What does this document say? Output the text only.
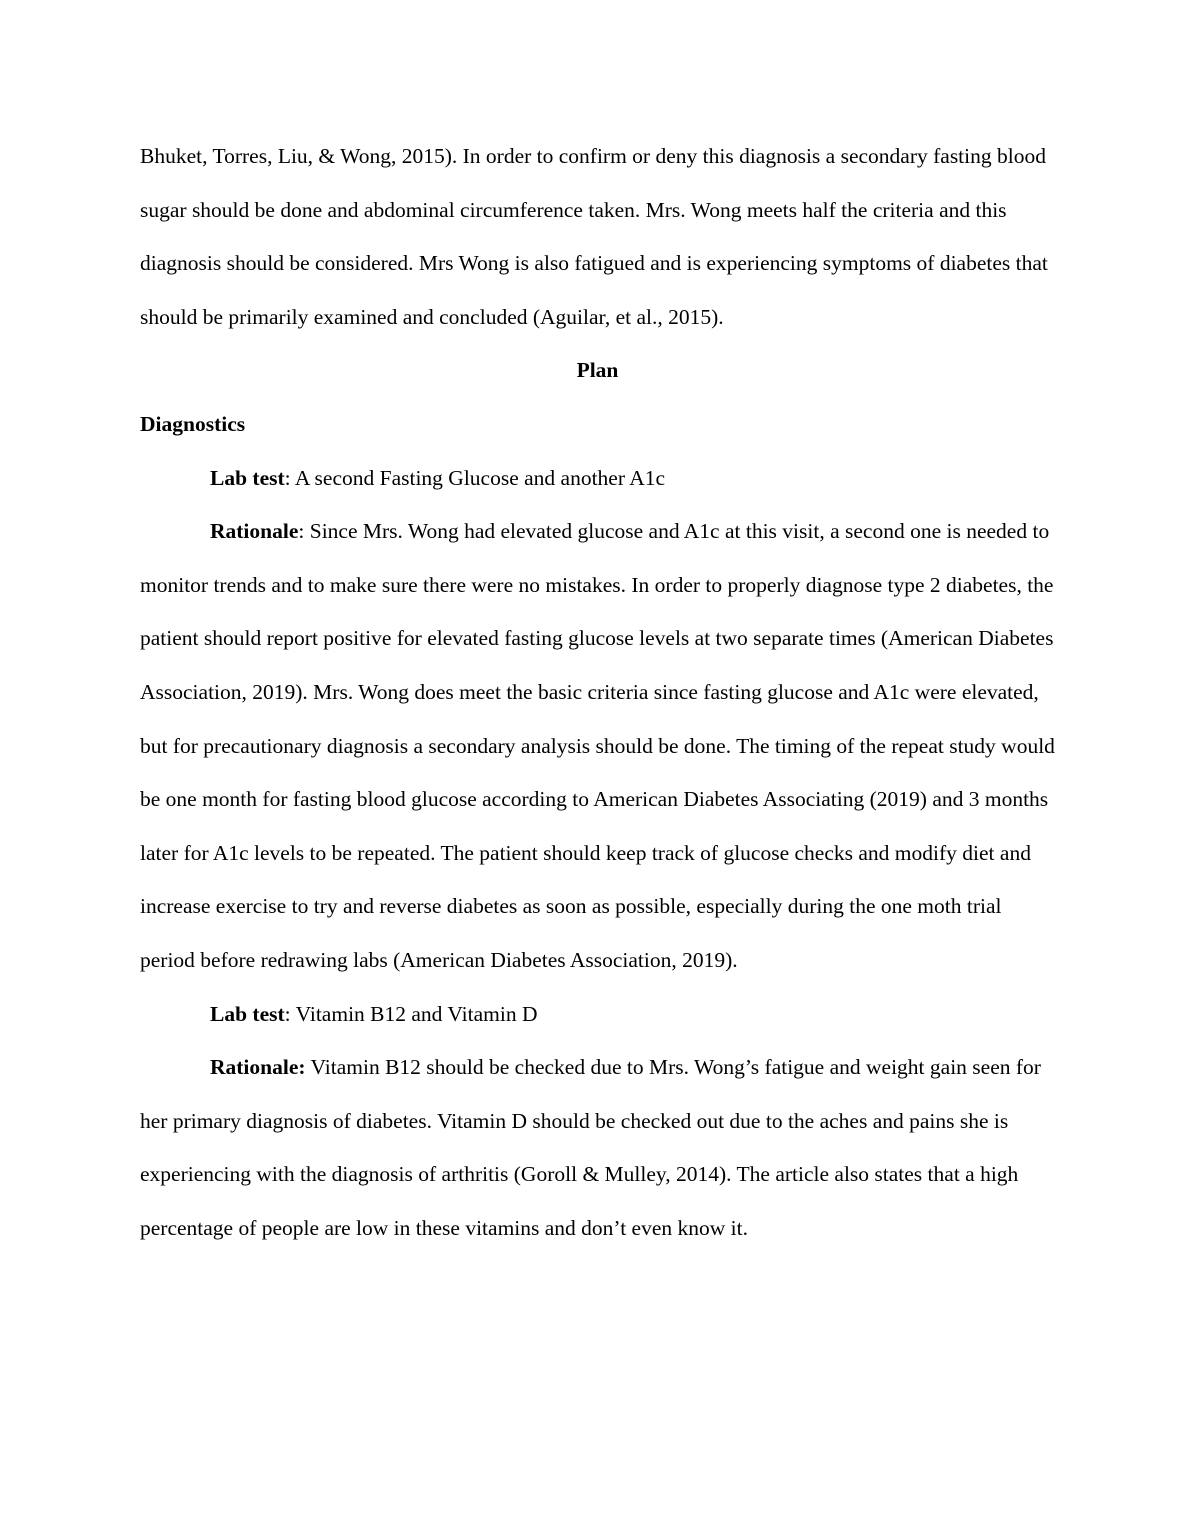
Bhuket, Torres, Liu, & Wong, 2015). In order to confirm or deny this diagnosis a secondary fasting blood sugar should be done and abdominal circumference taken. Mrs. Wong meets half the criteria and this diagnosis should be considered. Mrs Wong is also fatigued and is experiencing symptoms of diabetes that should be primarily examined and concluded (Aguilar, et al., 2015).

Plan

Diagnostics

Lab test: A second Fasting Glucose and another A1c

Rationale: Since Mrs. Wong had elevated glucose and A1c at this visit, a second one is needed to monitor trends and to make sure there were no mistakes. In order to properly diagnose type 2 diabetes, the patient should report positive for elevated fasting glucose levels at two separate times (American Diabetes Association, 2019). Mrs. Wong does meet the basic criteria since fasting glucose and A1c were elevated, but for precautionary diagnosis a secondary analysis should be done. The timing of the repeat study would be one month for fasting blood glucose according to American Diabetes Associating (2019) and 3 months later for A1c levels to be repeated. The patient should keep track of glucose checks and modify diet and increase exercise to try and reverse diabetes as soon as possible, especially during the one moth trial period before redrawing labs (American Diabetes Association, 2019).

Lab test: Vitamin B12 and Vitamin D

Rationale: Vitamin B12 should be checked due to Mrs. Wong’s fatigue and weight gain seen for her primary diagnosis of diabetes. Vitamin D should be checked out due to the aches and pains she is experiencing with the diagnosis of arthritis (Goroll & Mulley, 2014). The article also states that a high percentage of people are low in these vitamins and don’t even know it.
